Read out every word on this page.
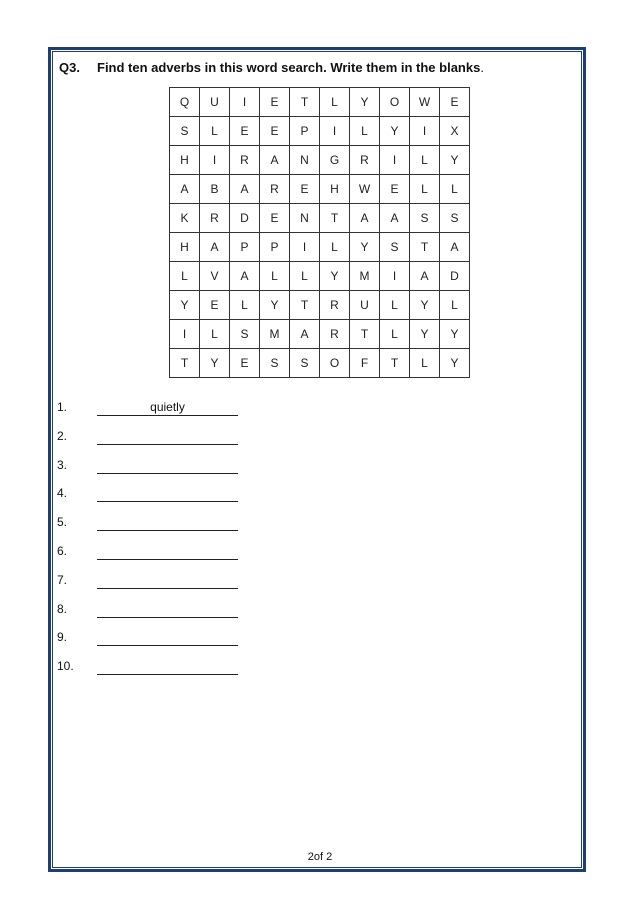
Q3. Find ten adverbs in this word search. Write them in the blanks.
Q	U	I	E	T	L	Y	O	W	E
S	L	E	E	P	I	L	Y	I	X
H	I	R	A	N	G	R	I	L	Y
A	B	A	R	E	H	W	E	L	L
K	R	D	E	N	T	A	A	S	S
H	A	P	P	I	L	Y	S	T	A
L	V	A	L	L	Y	M	I	A	D
Y	E	L	Y	T	R	U	L	Y	L
I	L	S	M	A	R	T	L	Y	Y
T	Y	E	S	S	O	F	T	L	Y
1.	quietly
2.
3.
4.
5.
6.
7.
8.
9.
10.
2of 2
